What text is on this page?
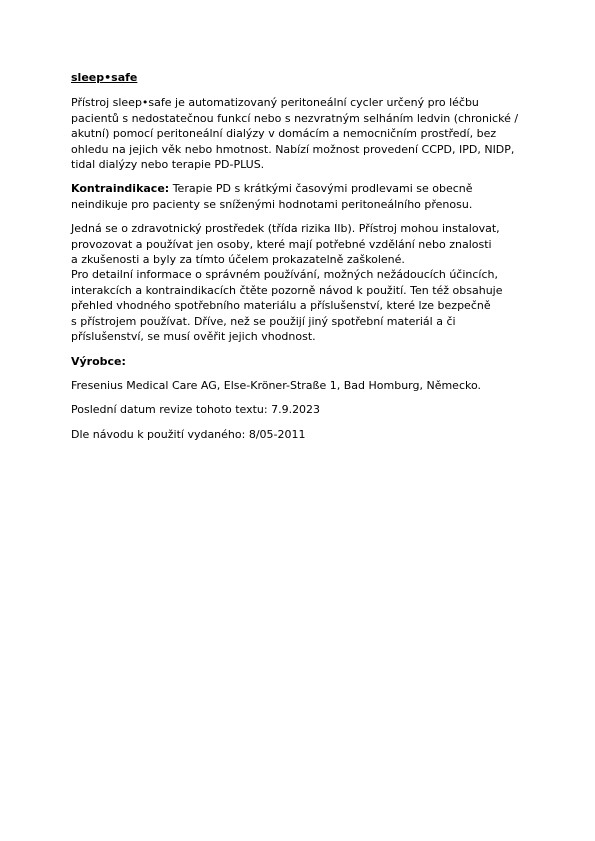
sleep•safe
Přístroj sleep•safe je automatizovaný peritoneální cycler určený pro léčbu
pacientů s nedostatečnou funkcí nebo s nezvratným selháním ledvin (chronické /
akutní) pomocí peritoneální dialýzy v domácím a nemocničním prostředí, bez
ohledu na jejich věk nebo hmotnost. Nabízí možnost provedení CCPD, IPD, NIDP,
tidal dialýzy nebo terapie PD-PLUS.
Kontraindikace: Terapie PD s krátkými časovými prodlevami se obecně
neindikuje pro pacienty se sníženými hodnotami peritoneálního přenosu.
Jedná se o zdravotnický prostředek (třída rizika IIb). Přístroj mohou instalovat,
provozovat a používat jen osoby, které mají potřebné vzdělání nebo znalosti
a zkušenosti a byly za tímto účelem prokazatelně zaškolené.
Pro detailní informace o správném používání, možných nežádoucích účincích,
interakcích a kontraindikacích čtěte pozorně návod k použití. Ten též obsahuje
přehled vhodného spotřebního materiálu a příslušenství, které lze bezpečně
s přístrojem používat. Dříve, než se použijí jiný spotřební materiál a či
příslušenství, se musí ověřit jejich vhodnost.
Výrobce:
Fresenius Medical Care AG, Else-Kröner-Straße 1, Bad Homburg, Německo.
Poslední datum revize tohoto textu: 7.9.2023
Dle návodu k použití vydaného: 8/05-2011
